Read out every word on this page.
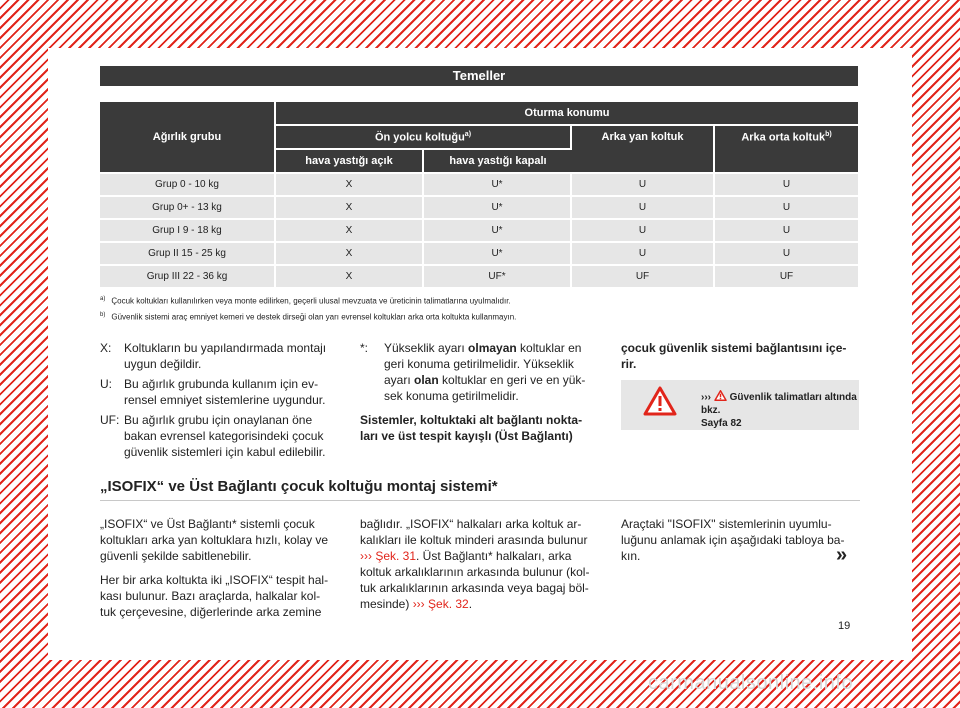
Temeller
Ağırlık grubu	Oturma konumu			
	Ön yolcu koltuğu$^{a)}$		Arka yan koltuk	Arka orta koltuk$^{b)}$
	hava yastığı açık	hava yastığı kapalı		
Grup 0 - 10 kg	X	U*	U	U
Grup 0+ - 13 kg	X	U*	U	U
Grup I 9 - 18 kg	X	U*	U	U
Grup II 15 - 25 kg	X	U*	U	U
Grup III 22 - 36 kg	X	UF*	UF	UF

$^{a)}$ Çocuk koltukları kullanılırken veya monte edilirken, geçerli ulusal mevzuata ve üreticinin talimatlarına uyulmalıdır.

$^{b)}$ Güvenlik sistemi araç emniyet kemeri ve destek dirseği olan yarı evrensel koltukları arka orta koltukta kullanmayın.

X:	Koltukların bu yapılandırmada montajı uygun değildir.
U:	Bu ağırlık grubunda kullanım için ev-rensel emniyet sistemlerine uygundur.
UF: Bu ağırlık grubu için onaylanan öne bakan evrensel kategorisindeki çocuk güvenlik sistemleri için kabul edilebilir.
*:	Yükseklik ayarı olmayan koltuklar en geri konuma getirilmelidir. Yükseklik ayarı olan koltuklar en geri ve en yük-sek konuma getirilmelidir.
Sistemler, koltuktaki alt bağlantı nokta-ları ve üst tespit kayışlı (Üst Bağlantı)
çocuk güvenlik sistemi bağlantısını içe-rir.
››› Güvenlik talimatları altında bkz.
Sayfa 82
„ISOFIX“ ve Üst Bağlantı çocuk koltuğu montaj sistemi*

„ISOFIX“ ve Üst Bağlantı* sistemli çocuk koltukları arka yan koltuklara hızlı, kolay ve güvenli şekilde sabitlenebilir.

Her bir arka koltukta iki „ISOFIX“ tespit hal-kası bulunur. Bazı araçlarda, halkalar kol-tuk çerçevesine, diğerlerinde arka zemine

bağlıdır. „ISOFIX“ halkaları arka koltuk ar-kalıkları ile koltuk minderi arasında bulunur ››› Şek. 31. Üst Bağlantı* halkaları, arka koltuk arkalıklarının arkasında bulunur (kol-tuk arkalıklarının arkasında veya bagaj böl-mesinde) ››› Şek. 32.

Araçtaki "ISOFIX" sistemlerinin uyumlu-luğunu anlamak için aşağıdaki tabloya ba-kın.	»
19
carmanualsonline.info
